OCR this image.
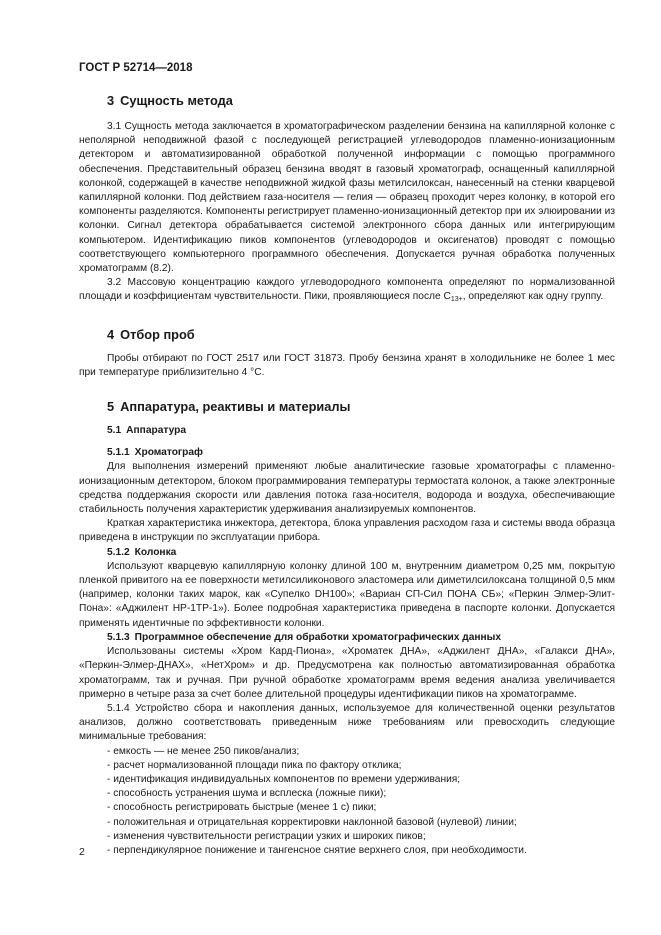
ГОСТ Р 52714—2018
3 Сущность метода

3.1 Сущность метода заключается в хроматографическом разделении бензина на капиллярной колонке с неполярной неподвижной фазой с последующей регистрацией углеводородов пламенно-ионизационным детектором и автоматизированной обработкой полученной информации с помощью программного обеспечения. Представительный образец бензина вводят в газовый хроматограф, оснащенный капиллярной колонкой, содержащей в качестве неподвижной жидкой фазы метилсилоксан, нанесенный на стенки кварцевой капиллярной колонки. Под действием газа-носителя — гелия — образец проходит через колонку, в которой его компоненты разделяются. Компоненты регистрирует пламенно-ионизационный детектор при их элюировании из колонки. Сигнал детектора обрабатывается системой электронного сбора данных или интегрирующим компьютером. Идентификацию пиков компонентов (углеводородов и оксигенатов) проводят с помощью соответствующего компьютерного программного обеспечения. Допускается ручная обработка полученных хроматограмм (8.2).

3.2 Массовую концентрацию каждого углеводородного компонента определяют по нормализованной площади и коэффициентам чувствительности. Пики, проявляющиеся после $С_{13+}$, определяют как одну группу.

4 Отбор проб

Пробы отбирают по ГОСТ 2517 или ГОСТ 31873. Пробу бензина хранят в холодильнике не более 1 мес при температуре приблизительно 4 °С.

5 Аппаратура, реактивы и материалы
5.1 Аппаратура
5.1.1 Хроматограф

Для выполнения измерений применяют любые аналитические газовые хроматографы с пламенно-ионизационным детектором, блоком программирования температуры термостата колонок, а также электронные средства поддержания скорости или давления потока газа-носителя, водорода и воздуха, обеспечивающие стабильность получения характеристик удерживания анализируемых компонентов.

Краткая характеристика инжектора, детектора, блока управления расходом газа и системы ввода образца приведена в инструкции по эксплуатации прибора.

5.1.2 Колонка

Используют кварцевую капиллярную колонку длиной 100 м, внутренним диаметром 0,25 мм, покрытую пленкой привитого на ее поверхности метилсиликонового эластомера или диметилсилоксана толщиной 0,5 мкм (например, колонки таких марок, как «Супелко DH100»; «Вариан СП-Сил ПОНА СБ»; «Перкин Элмер-Элит-Пона»: «Аджилент HP-1ТР-1»). Более подробная характеристика приведена в паспорте колонки. Допускается применять идентичные по эффективности колонки.

5.1.3 Программное обеспечение для обработки хроматографических данных

Использованы системы «Хром Кард-Пиона», «Хроматек ДНА», «Аджилент ДНА», «Галакси ДНА», «Перкин-Элмер-ДНАХ», «НетХром» и др. Предусмотрена как полностью автоматизированная обработка хроматограмм, так и ручная. При ручной обработке хроматограмм время ведения анализа увеличивается примерно в четыре раза за счет более длительной процедуры идентификации пиков на хроматограмме.

5.1.4 Устройство сбора и накопления данных, используемое для количественной оценки результатов анализов, должно соответствовать приведенным ниже требованиям или превосходить следующие минимальные требования:

- емкость — не менее 250 пиков/анализ;
- расчет нормализованной площади пика по фактору отклика;
- идентификация индивидуальных компонентов по времени удерживания;
- способность устранения шума и всплеска (ложные пики);
- способность регистрировать быстрые (менее 1 с) пики;
- положительная и отрицательная корректировки наклонной базовой (нулевой) линии;
- изменения чувствительности регистрации узких и широких пиков;
- перпендикулярное понижение и тангенсное снятие верхнего слоя, при необходимости.
2
